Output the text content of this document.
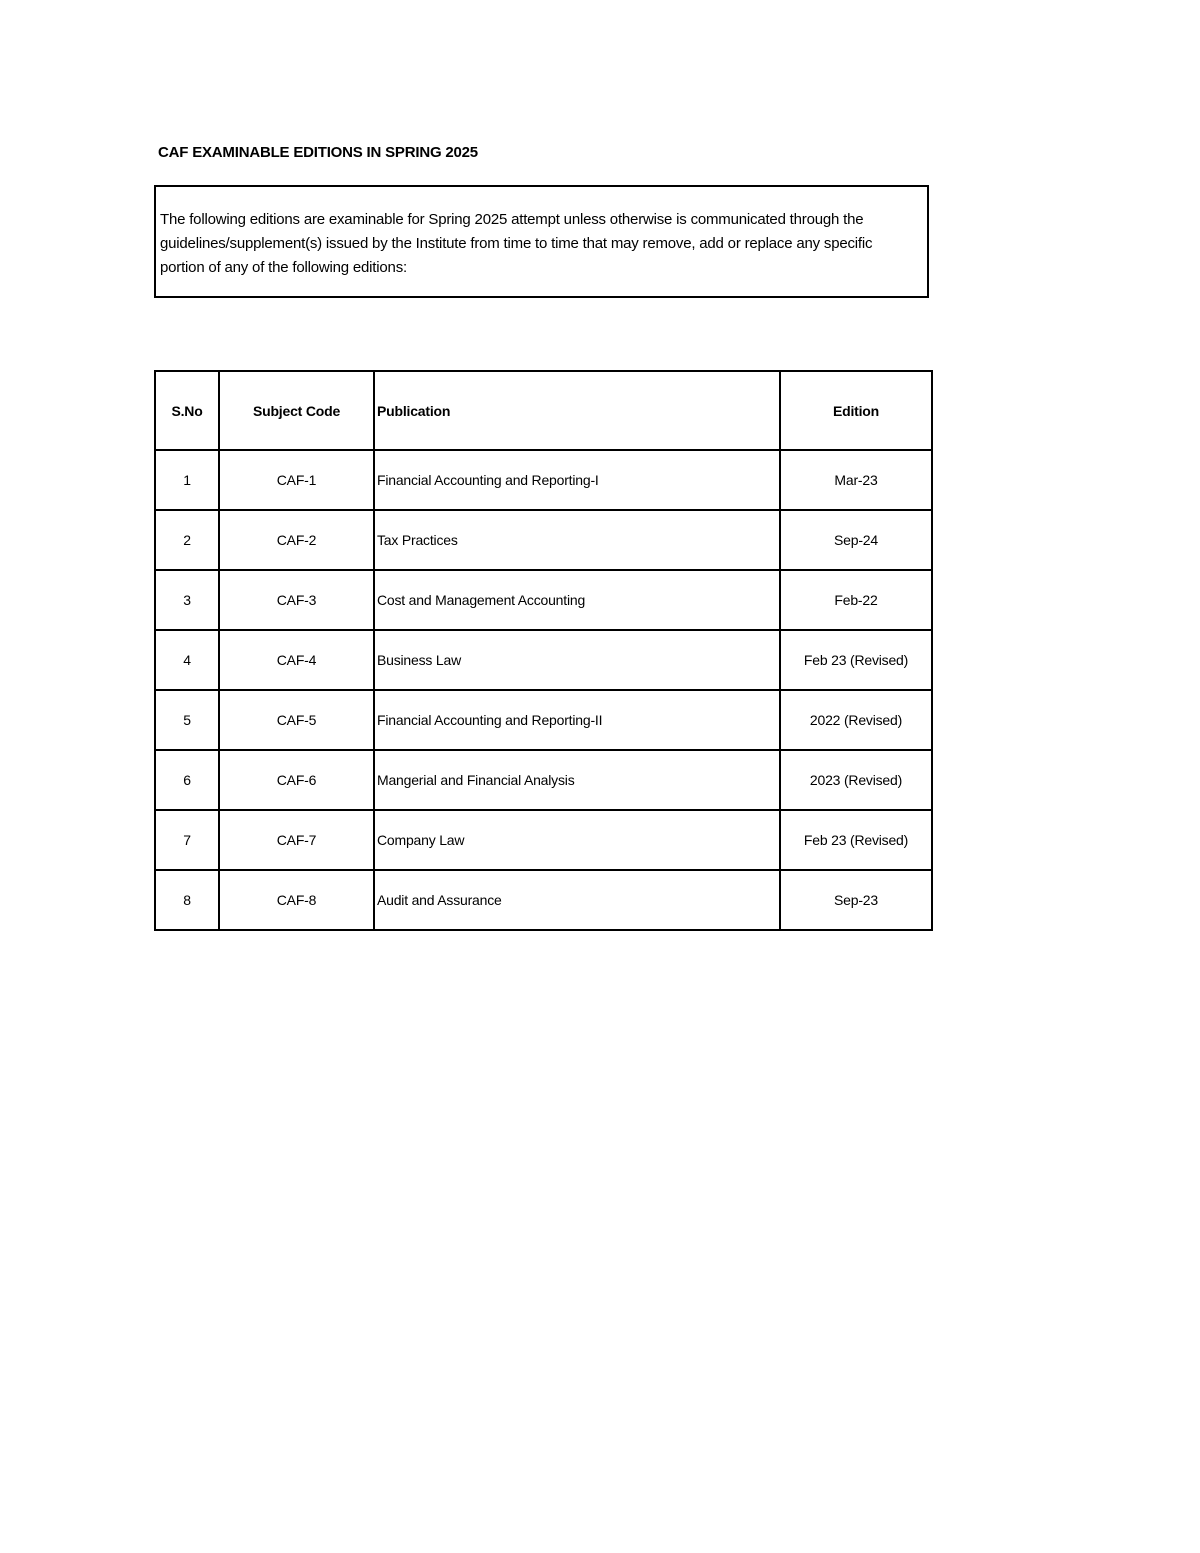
CAF EXAMINABLE EDITIONS IN SPRING 2025

The following editions are examinable for Spring 2025 attempt unless otherwise is communicated through the guidelines/supplement(s) issued by the Institute from time to time that may remove, add or replace any specific portion of any of the following editions:

S.No	Subject Code	Publication	Edition
1	CAF-1	Financial Accounting and Reporting-I	Mar-23
2	CAF-2	Tax Practices	Sep-24
3	CAF-3	Cost and Management Accounting	Feb-22
4	CAF-4	Business Law	Feb 23 (Revised)
5	CAF-5	Financial Accounting and Reporting-II	2022 (Revised)
6	CAF-6	Mangerial and Financial Analysis	2023 (Revised)
7	CAF-7	Company Law	Feb 23 (Revised)
8	CAF-8	Audit and Assurance	Sep-23
